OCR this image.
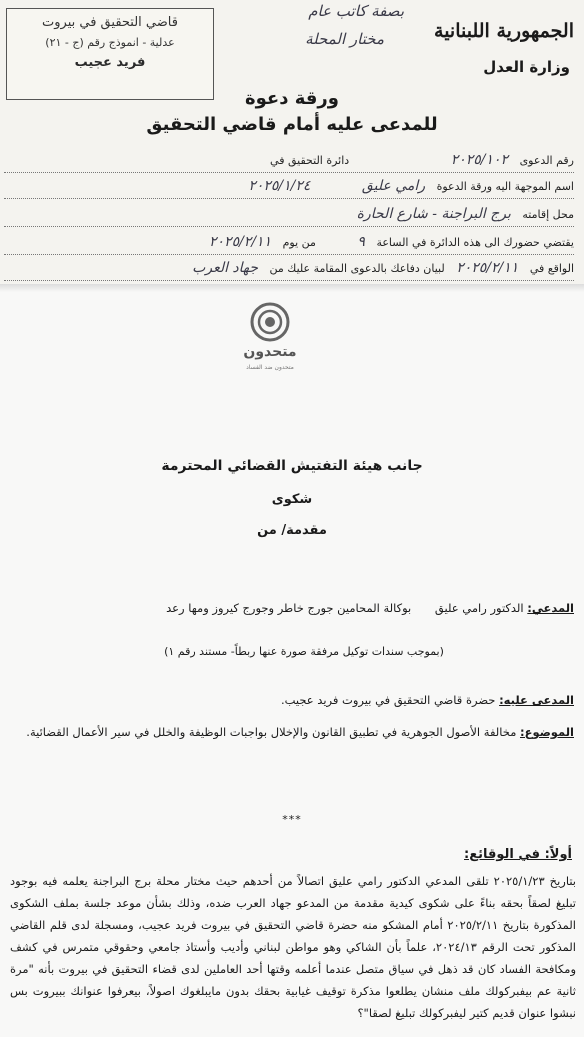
قاضي التحقيق في بيروت
عدلية - انموذج رقم (ج - ٢١)
فريد عجيب
بصفة كاتب عام
مختار المحلة	الجمهورية اللبنانية
وزارة العدل
ورقة دعوة
للمدعى عليه أمام قاضي التحقيق
رقم الدعوى ٢٠٢٥/١٠٢ دائرة التحقيق في
اسم الموجهة اليه ورقة الدعوة رامي عليق ٢٠٢٥/١/٢٤
محل إقامته برج البراجنة - شارع الحارة
يقتضي حضورك الى هذه الدائرة في الساعة ٩ من يوم ٢٠٢٥/٢/١١
الواقع في ٢٠٢٥/٢/١١ لبيان دفاعك بالدعوى المقامة عليك من جهاد العرب
متحدون
متحدون ضد الفساد
جانب هيئة التفتيش القضائي المحترمة
شكوى
مقدمة/ من
المدعي: الدكتور رامي عليق بوكالة المحامين جورج خاطر وجورج كيروز ومها رعد
(بموجب سندات توكيل مرفقة صورة عنها ربطاً- مستند رقم ١)
المدعى عليه: حضرة قاضي التحقيق في بيروت فريد عجيب.
الموضوع: مخالفة الأصول الجوهرية في تطبيق القانون والإخلال بواجبات الوظيفة والخلل في سير الأعمال القضائية.
***
أولاً: في الوقائع:
بتاريخ ٢٠٢٥/١/٢٣ تلقى المدعي الدكتور رامي عليق اتصالاً من أحدهم حيث مختار محلة برج البراجنة يعلمه فيه بوجود تبليغ لصقاً بحقه بناءً على شكوى كيدية مقدمة من المدعو جهاد العرب ضده، وذلك بشأن موعد جلسة بملف الشكوى المذكورة بتاريخ ٢٠٢٥/٢/١١ أمام المشكو منه حضرة قاضي التحقيق في بيروت فريد عجيب، ومسجلة لدى قلم القاضي المذكور تحت الرقم ٢٠٢٤/١٣، علماً بأن الشاكي وهو مواطن لبناني وأديب وأستاذ جامعي وحقوقي متمرس في كشف ومكافحة الفساد كان قد ذهل في سياق متصل عندما أعلمه وقتها أحد العاملين لدى قضاء التحقيق في بيروت بأنه "مرة ثانية عم بيفبركولك ملف منشان يطلعوا مذكرة توقيف غيابية بحقك بدون مايبلغوك اصولاً، بيعرفوا عنوانك ببيروت بس نبشوا عنوان قديم كتير ليفبركولك تبليغ لصقا"؟
